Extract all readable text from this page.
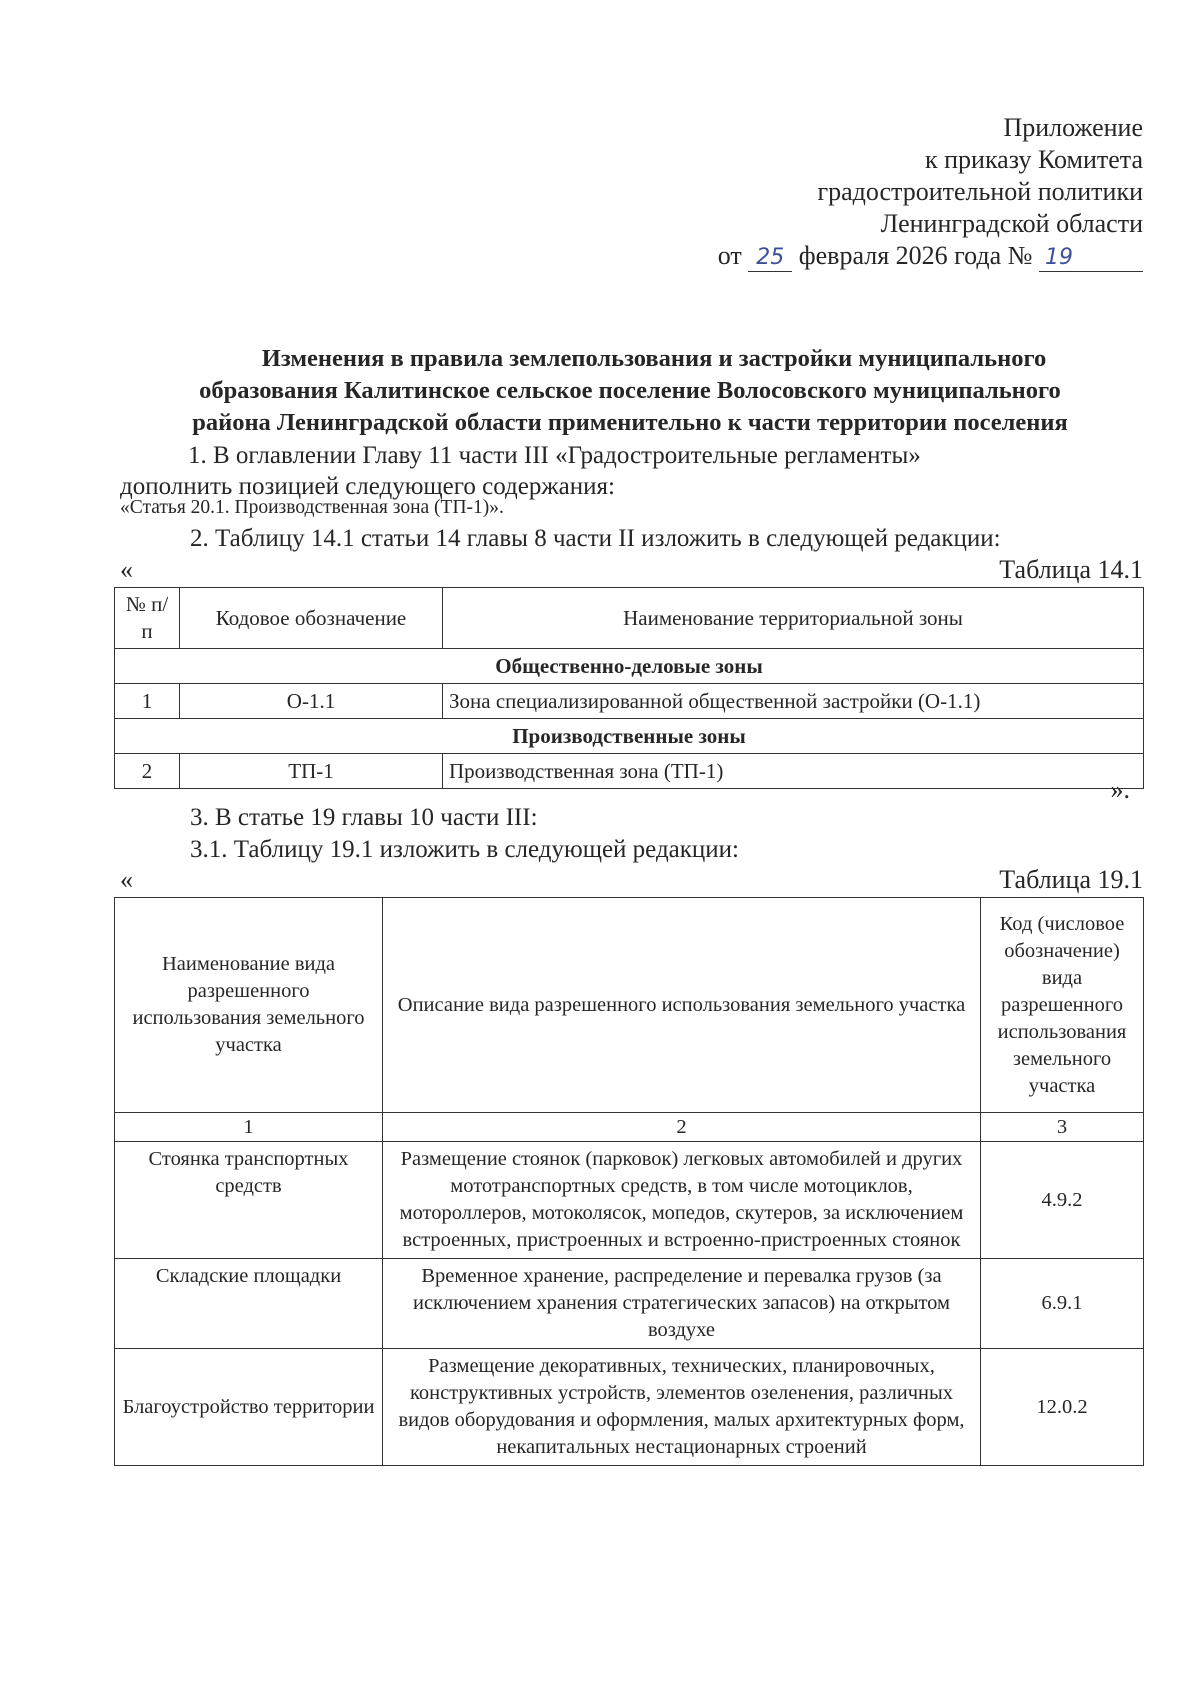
Приложение
к приказу Комитета
градостроительной политики
Ленинградской области
от 25 февраля 2026 года № 19
Изменения в правила землепользования и застройки муниципального
образования Калитинское сельское поселение Волосовского муниципального
района Ленинградской области применительно к части территории поселения
1. В оглавлении Главу 11 части III «Градостроительные регламенты»
дополнить позицией следующего содержания:
«Статья 20.1. Производственная зона (ТП-1)».
2. Таблицу 14.1 статьи 14 главы 8 части II изложить в следующей редакции:
«	Таблица 14.1
№ п/п	Кодовое обозначение	Наименование территориальной зоны
Общественно-деловые зоны		
1	О-1.1	Зона специализированной общественной застройки (О-1.1)
Производственные зоны		
2	ТП-1	Производственная зона (ТП-1)
».
3. В статье 19 главы 10 части III:
3.1. Таблицу 19.1 изложить в следующей редакции:
«	Таблица 19.1
Наименование вида разрешенного использования земельного участка	Описание вида разрешенного использования земельного участка	Код (числовое обозначение) вида разрешенного использования земельного участка
1	2	3
Стоянка транспортных средств	Размещение стоянок (парковок) легковых автомобилей и других мототранспортных средств, в том числе мотоциклов, мотороллеров, мотоколясок, мопедов, скутеров, за исключением встроенных, пристроенных и встроенно-пристроенных стоянок	4.9.2
Складские площадки	Временное хранение, распределение и перевалка грузов (за исключением хранения стратегических запасов) на открытом воздухе	6.9.1
Благоустройство территории	Размещение декоративных, технических, планировочных, конструктивных устройств, элементов озеленения, различных видов оборудования и оформления, малых архитектурных форм, некапитальных нестационарных строений	12.0.2
